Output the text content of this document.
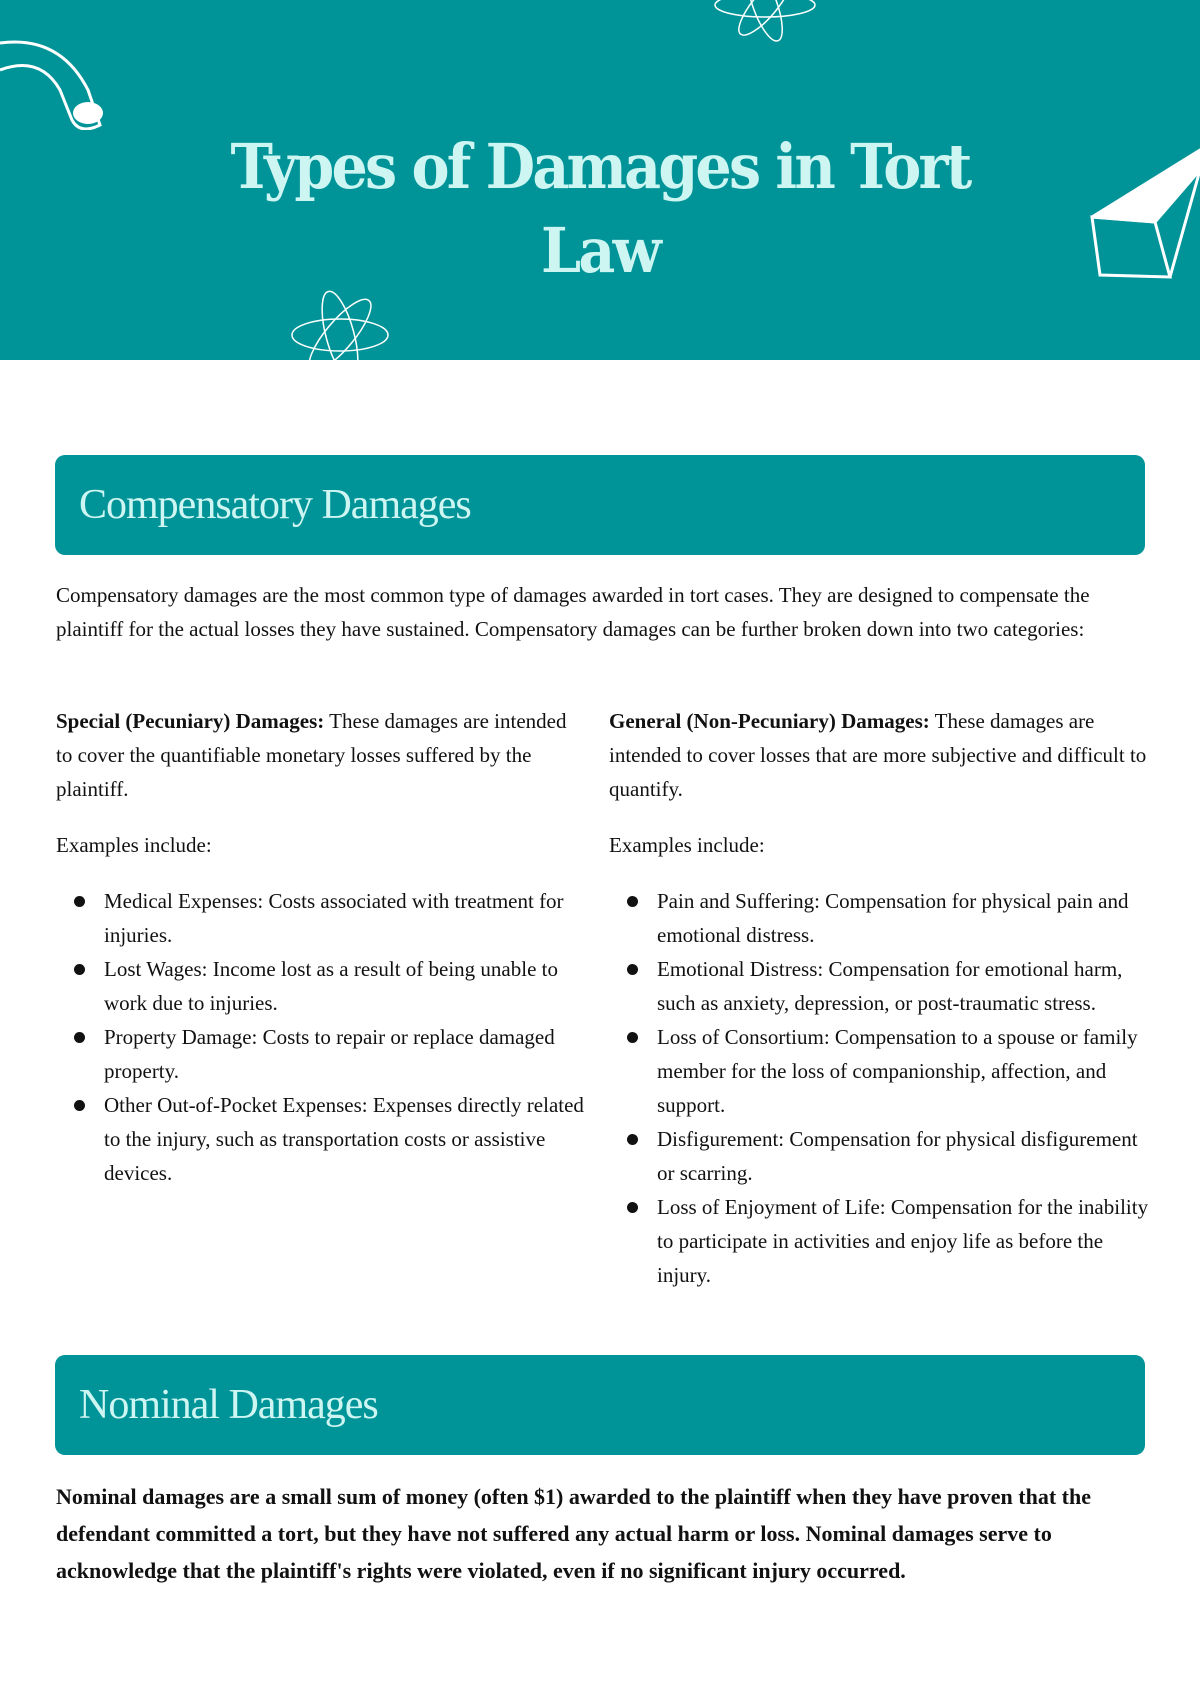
Types of Damages in Tort Law
Compensatory Damages

Compensatory damages are the most common type of damages awarded in tort cases. They are designed to compensate the plaintiff for the actual losses they have sustained. Compensatory damages can be further broken down into two categories:

Special (Pecuniary) Damages: These damages are intended to cover the quantifiable monetary losses suffered by the plaintiff.

Examples include:

Medical Expenses: Costs associated with treatment for injuries.
Lost Wages: Income lost as a result of being unable to work due to injuries.
Property Damage: Costs to repair or replace damaged property.
Other Out-of-Pocket Expenses: Expenses directly related to the injury, such as transportation costs or assistive devices.

General (Non-Pecuniary) Damages: These damages are intended to cover losses that are more subjective and difficult to quantify.

Examples include:

Pain and Suffering: Compensation for physical pain and emotional distress.
Emotional Distress: Compensation for emotional harm, such as anxiety, depression, or post-traumatic stress.
Loss of Consortium: Compensation to a spouse or family member for the loss of companionship, affection, and support.
Disfigurement: Compensation for physical disfigurement or scarring.
Loss of Enjoyment of Life: Compensation for the inability to participate in activities and enjoy life as before the injury.
Nominal Damages

Nominal damages are a small sum of money (often $1) awarded to the plaintiff when they have proven that the defendant committed a tort, but they have not suffered any actual harm or loss. Nominal damages serve to acknowledge that the plaintiff's rights were violated, even if no significant injury occurred.
